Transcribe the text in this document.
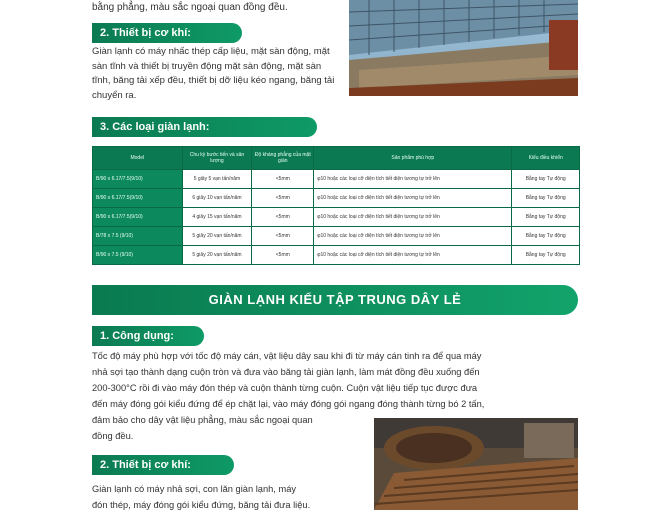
bằng phẳng, màu sắc ngoại quan đồng đều.
2. Thiết bị cơ khí:
Giàn lạnh có máy nhấc thép cấp liệu, mặt sàn động, mặt sàn tĩnh và thiết bị truyền động mặt sàn động, mặt sàn tĩnh, băng tải xếp đều, thiết bị dỡ liệu kéo ngang, băng tải chuyển ra.
3. Các loại giàn lạnh:
Model	Chu kỳ bước tiến và sản lượng	Độ kháng phẳng của mặt giàn	Sản phẩm phù hợp	Kiểu điều khiển
B/90 x 6.17/7.5(9/10)	5 giây 5 vạn tấn/năm	<5mm	φ10 hoặc các loại cỡ diện tích tiết diện tương tự trở lên	Bằng tay Tự động
B/90 x 6.17/7.5(9/10)	6 giây 10 vạn tấn/năm	<5mm	φ10 hoặc các loại cỡ diện tích tiết diện tương tự trở lên	Bằng tay Tự động
B/90 x 6.17/7.5(9/10)	4 giây 15 vạn tấn/năm	<5mm	φ10 hoặc các loại cỡ diện tích tiết diện tương tự trở lên	Bằng tay Tự động
B/78 x 7.5 (9/10)	5 giây 20 vạn tấn/năm	<5mm	φ10 hoặc các loại cỡ diện tích tiết diện tương tự trở lên	Bằng tay Tự động
B/90 x 7.5 (9/10)	5 giây 20 vạn tấn/năm	<5mm	φ10 hoặc các loại cỡ diện tích tiết diện tương tự trở lên	Bằng tay Tự động
GIÀN LẠNH KIỂU TẬP TRUNG DÂY LẺ
1. Công dụng:
Tốc độ máy phù hợp với tốc độ máy cán, vật liệu dây sau khi đi từ máy cán tinh ra để qua máy
nhả sợi tạo thành dạng cuộn tròn và đưa vào băng tải giàn lạnh, làm mát đồng đều xuống đến
200-300°C rồi đi vào máy đón thép và cuộn thành từng cuộn. Cuộn vật liệu tiếp tục được đưa
đến máy đóng gói kiểu đứng để ép chặt lại, vào máy đóng gói ngang đóng thành từng bó 2 tấn,
đảm bảo cho dây vật liệu phẳng, màu sắc ngoại quan
đồng đều.
2. Thiết bị cơ khí:
Giàn lạnh có máy nhả sợi, con lăn giàn lạnh, máy
đón thép, máy đóng gói kiểu đứng, băng tải đưa liệu.
